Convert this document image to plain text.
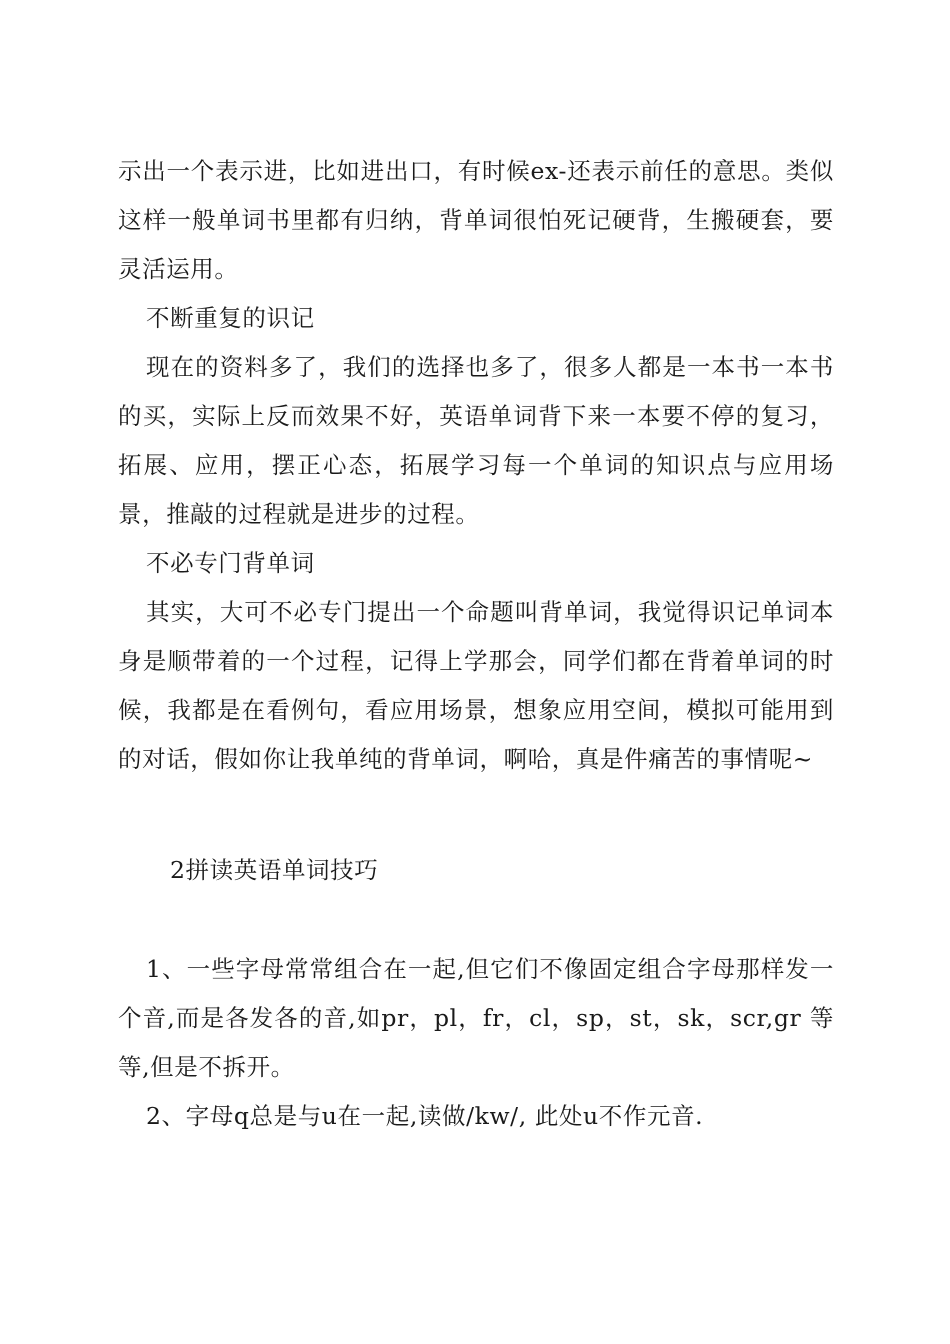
示出一个表示进，比如进出口，有时候ex-还表示前任的意思。类似这样一般单词书里都有归纳，背单词很怕死记硬背，生搬硬套，要灵活运用。

不断重复的识记

现在的资料多了，我们的选择也多了，很多人都是一本书一本书的买，实际上反而效果不好，英语单词背下来一本要不停的复习，拓展、应用，摆正心态，拓展学习每一个单词的知识点与应用场景，推敲的过程就是进步的过程。

不必专门背单词

其实，大可不必专门提出一个命题叫背单词，我觉得识记单词本身是顺带着的一个过程，记得上学那会，同学们都在背着单词的时候，我都是在看例句，看应用场景，想象应用空间，模拟可能用到的对话，假如你让我单纯的背单词，啊哈，真是件痛苦的事情呢~

2拼读英语单词技巧

1、一些字母常常组合在一起,但它们不像固定组合字母那样发一个音,而是各发各的音,如pr，pl，fr，cl，sp，st，sk，scr,gr 等等,但是不拆开。

2、字母q总是与u在一起,读做/kw/, 此处u不作元音.
